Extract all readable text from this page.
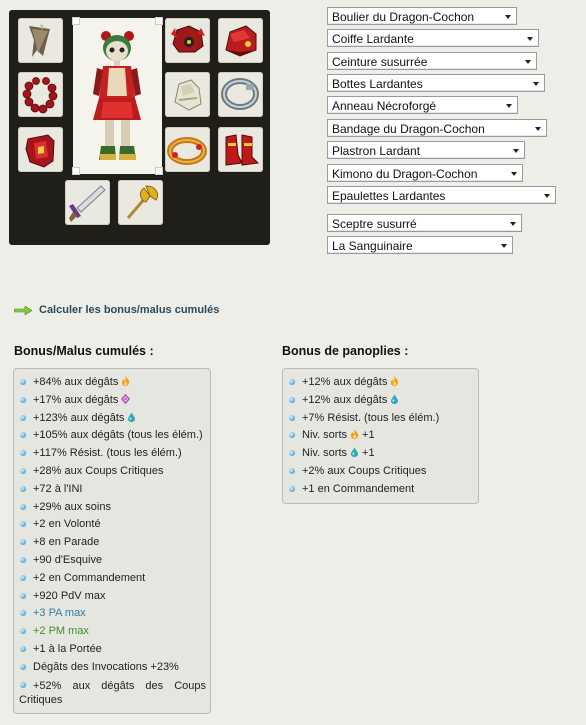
Boulier du Dragon-Cochon
Coiffe Lardante
Ceinture susurrée
Bottes Lardantes
Anneau Nécroforgé
Bandage du Dragon-Cochon
Plastron Lardant
Kimono du Dragon-Cochon
Epaulettes Lardantes
Sceptre susurré
La Sanguinaire
Calculer les bonus/malus cumulés
Bonus/Malus cumulés :
+84% aux dégâts
+17% aux dégâts
+123% aux dégâts
+105% aux dégâts (tous les élém.)
+117% Résist. (tous les élém.)
+28% aux Coups Critiques
+72 à l'INI
+29% aux soins
+2 en Volonté
+8 en Parade
+90 d'Esquive
+2 en Commandement
+920 PdV max
+3 PA max
+2 PM max
+1 à la Portée
Dégâts des Invocations +23%
+52% aux dégâts des Coups Critiques
Bonus de panoplies :
+12% aux dégâts
+12% aux dégâts
+7% Résist. (tous les élém.)
Niv. sorts +1
Niv. sorts +1
+2% aux Coups Critiques
+1 en Commandement
